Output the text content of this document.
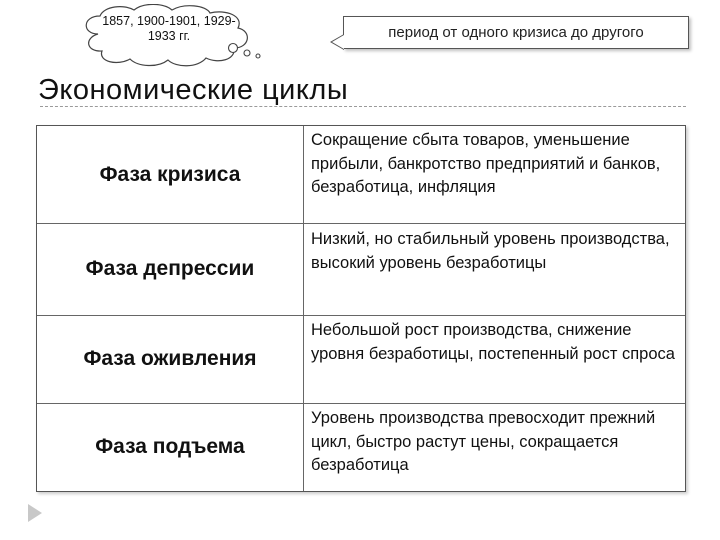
1857, 1900-1901, 1929-1933 гг.	период от одного кризиса до другого
Экономические циклы
Фаза кризиса
Сокращение сбыта товаров, уменьшение прибыли, банкротство предприятий и банков, безработица, инфляция
Фаза депрессии
Низкий, но стабильный уровень производства, высокий уровень безработицы
Фаза оживления
Небольшой рост производства, снижение уровня безработицы, постепенный рост спроса
Фаза подъема
Уровень производства превосходит прежний цикл, быстро растут цены, сокращается безработица
